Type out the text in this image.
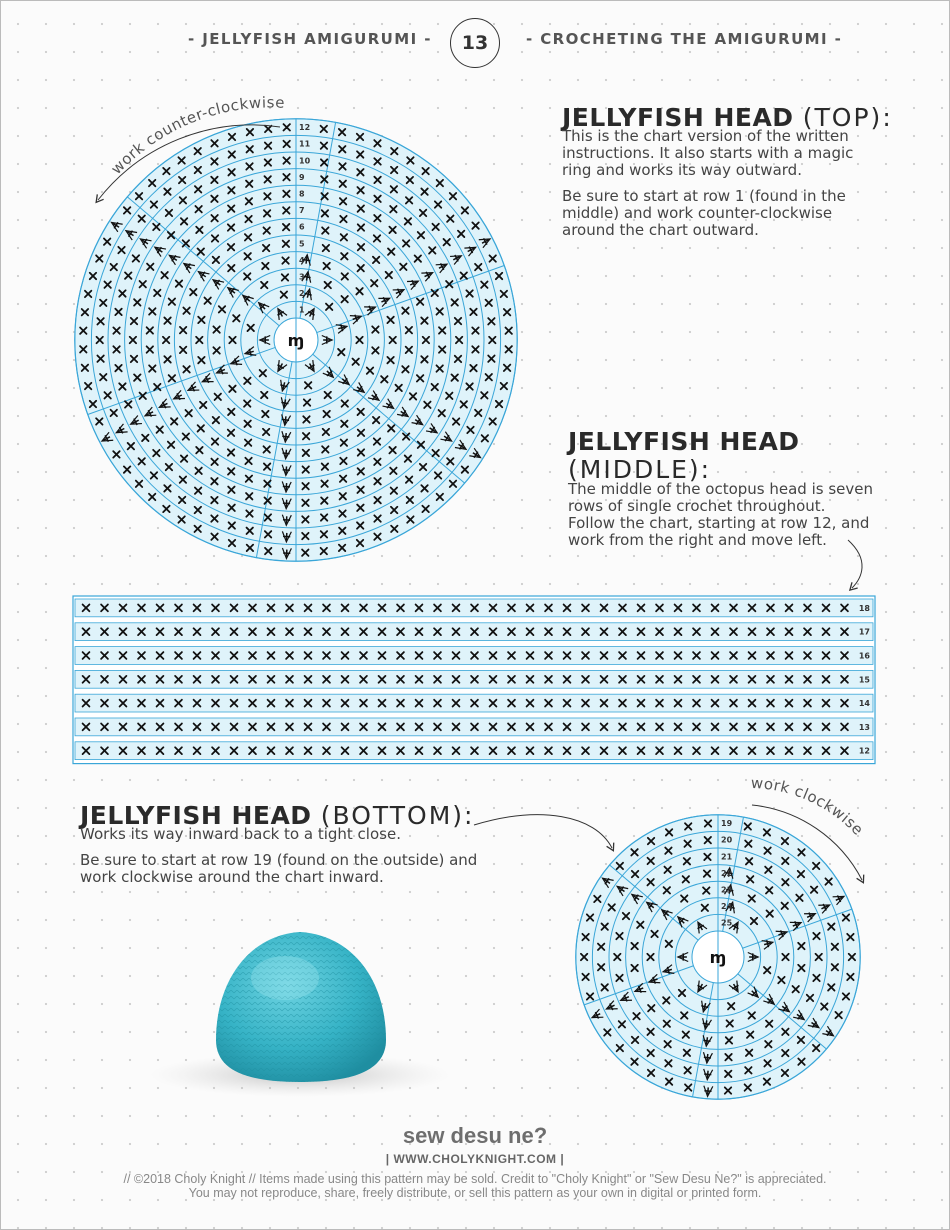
- JELLYFISH AMIGURUMI -	13	- CROCHETING THE AMIGURUMI -
JELLYFISH HEAD (TOP):

This is the chart version of the written instructions. It also starts with a magic ring and works its way outward.

Be sure to start at row 1 (found in the middle) and work counter-clockwise around the chart outward.

JELLYFISH HEAD
(MIDDLE):

The middle of the octopus head is seven rows of single crochet throughout. Follow the chart, starting at row 12, and work from the right and move left.

JELLYFISH HEAD (BOTTOM):

Works its way inward back to a tight close.

Be sure to start at row 19 (found on the outside) and work clockwise around the chart inward.

1
2
3
4
5
6
7
8
9
10
11
12
ɱ
19
20
21
22
23
24
25
ɱ
18
17
16
15
14
13
12
work counter-clockwise
work clockwise
sew desu ne?
| WWW.CHOLYKNIGHT.COM |
// ©2018 Choly Knight // Items made using this pattern may be sold. Credit to "Choly Knight" or "Sew Desu Ne?" is appreciated.
You may not reproduce, share, freely distribute, or sell this pattern as your own in digital or printed form.
